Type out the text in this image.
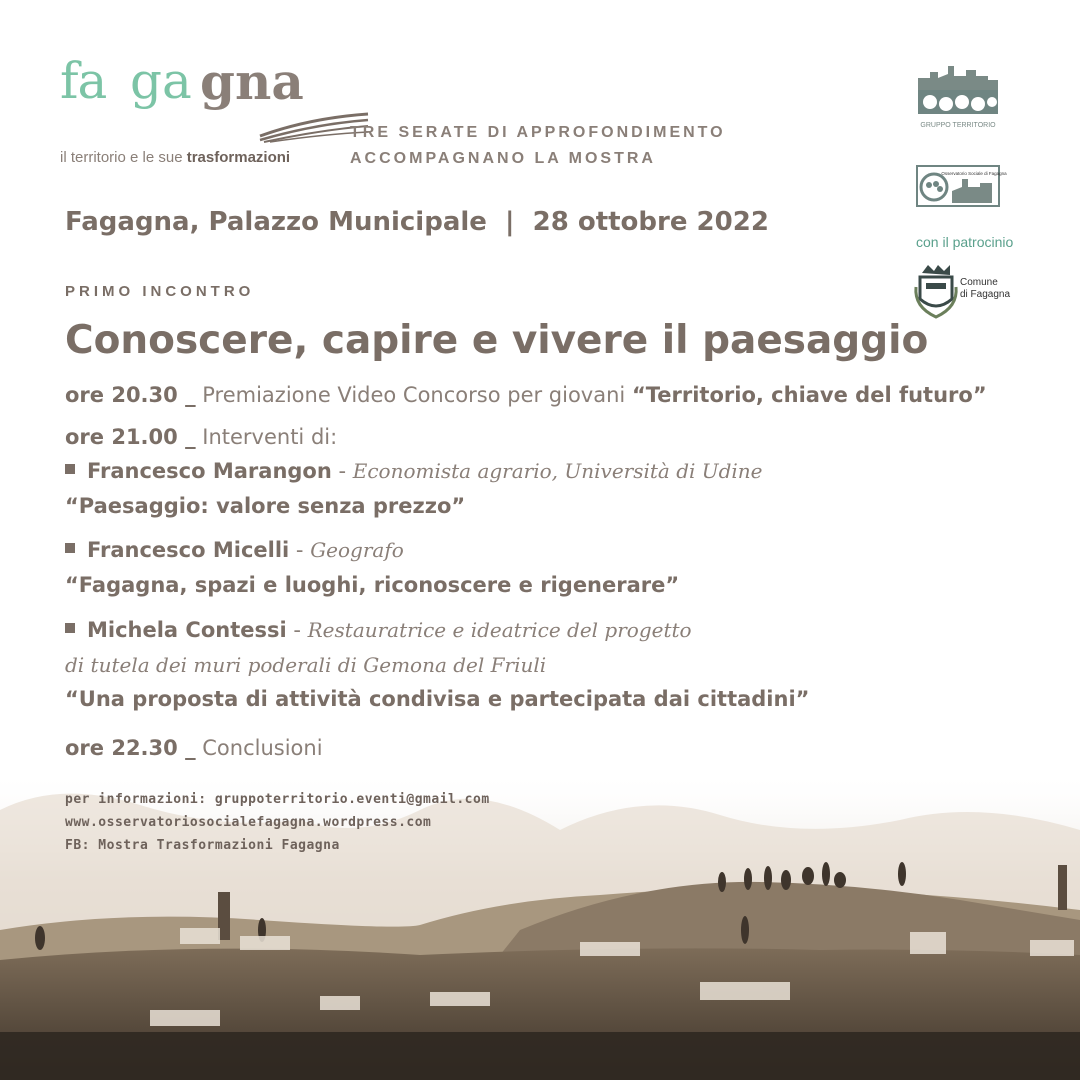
fa ga gna
il territorio e le sue trasformazioni
TRE SERATE DI APPROFONDIMENTO
ACCOMPAGNANO LA MOSTRA
Fagagna, Palazzo Municipale  |  28 ottobre 2022
PRIMO INCONTRO
Conoscere, capire e vivere il paesaggio
ore 20.30 _ Premiazione Video Concorso per giovani “Territorio, chiave del futuro”
ore 21.00 _ Interventi di:
Francesco Marangon - Economista agrario, Università di Udine
“Paesaggio: valore senza prezzo”
Francesco Micelli - Geografo
“Fagagna, spazi e luoghi, riconoscere e rigenerare”
Michela Contessi - Restauratrice e ideatrice del progetto
di tutela dei muri poderali di Gemona del Friuli
“Una proposta di attività condivisa e partecipata dai cittadini”
ore 22.30 _ Conclusioni
per informazioni: gruppoterritorio.eventi@gmail.com
www.osservatoriosocialefagagna.wordpress.com
FB: Mostra Trasformazioni Fagagna
GRUPPO TERRITORIO
Osservatorio Sociale di Fagagna
con il patrocinio
Comune
di Fagagna
